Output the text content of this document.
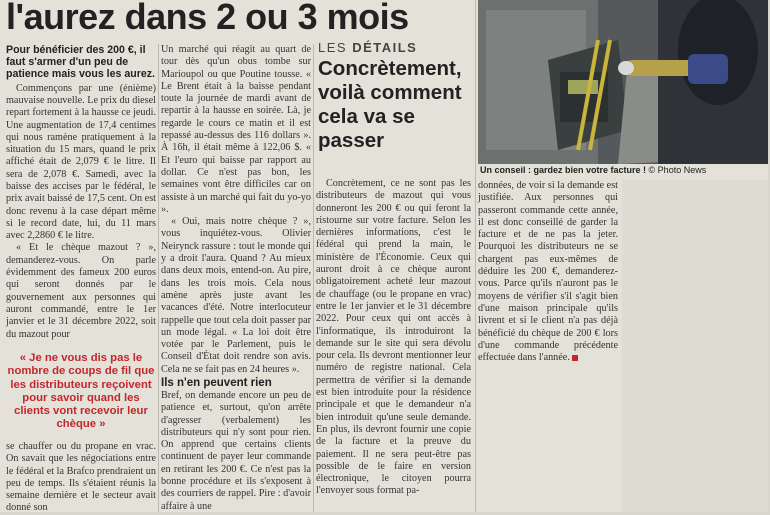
l'aurez dans 2 ou 3 mois
Pour bénéficier des 200 €, il faut s'armer d'un peu de patience mais vous les aurez.

Commençons par une (énième) mauvaise nouvelle. Le prix du diesel repart fortement à la hausse ce jeudi. Une augmentation de 17,4 centimes qui nous ramène pratiquement à la situation du 15 mars, quand le prix affiché était de 2,079 € le litre. Il sera de 2,078 €. Samedi, avec la baisse des accises par le fédéral, le prix avait baissé de 17,5 cent. On est donc revenu à la case départ même si le record date, lui, du 11 mars avec 2,2860 € le litre.

« Et le chèque mazout ? », demanderez-vous. On parle évidemment des fameux 200 euros qui seront donnés par le gouvernement aux personnes qui auront commandé, entre le 1er janvier et le 31 décembre 2022, soit du mazout pour

« Je ne vous dis pas le nombre de coups de fil que les distributeurs reçoivent pour savoir quand les clients vont recevoir leur chèque »

se chauffer ou du propane en vrac. On savait que les négociations entre le fédéral et la Brafco prendraient un peu de temps. Ils s'étaient réunis la semaine dernière et le secteur avait donné son

Un marché qui réagit au quart de tour dès qu'un obus tombe sur Marioupol ou que Poutine tousse. « Le Brent était à la baisse pendant toute la journée de mardi avant de repartir à la hausse en soirée. Là, je regarde le cours ce matin et il est repassé au-dessus des 116 dollars ». À 16h, il était même à 122,06 $. « Et l'euro qui baisse par rapport au dollar. Ce n'est pas bon, les semaines vont être difficiles car on assiste à un marché qui fait du yo-yo ».

« Oui, mais notre chèque ? », vous inquiétez-vous. Olivier Neirynck rassure : tout le monde qui y a droit l'aura. Quand ? Au mieux dans deux mois, entend-on. Au pire, dans les trois mois. Cela nous amène après juste avant les vacances d'été. Notre interlocuteur rappelle que tout cela doit passer par un mode légal. « La loi doit être votée par le Parlement, puis le Conseil d'État doit rendre son avis. Cela ne se fait pas en 24 heures ».

Ils n'en peuvent rien

Bref, on demande encore un peu de patience et, surtout, qu'on arrête d'agresser (verbalement) les distributeurs qui n'y sont pour rien. On apprend que certains clients continuent de payer leur commande en retirant les 200 €. Ce n'est pas la bonne procédure et ils s'exposent à des courriers de rappel. Pire : d'avoir affaire à une

LES DÉTAILS
Concrètement, voilà comment cela va se passer

Concrètement, ce ne sont pas les distributeurs de mazout qui vous donneront les 200 € ou qui feront la ristourne sur votre facture. Selon les dernières informations, c'est le fédéral qui prend la main, le ministère de l'Économie. Ceux qui auront droit à ce chèque auront obligatoirement acheté leur mazout de chauffage (ou le propane en vrac) entre le 1er janvier et le 31 décembre 2022. Pour ceux qui ont accès à l'informatique, ils introduiront la demande sur le site qui sera dévolu pour cela. Ils devront mentionner leur numéro de registre national. Cela permettra de vérifier si la demande est bien introduite pour la résidence principale et que le demandeur n'a bien introduit qu'une seule demande. En plus, ils devront fournir une copie de la facture et la preuve du paiement. Il ne sera peut-être pas possible de le faire en version électronique, le citoyen pourra l'envoyer sous format pa-

Un conseil : gardez bien votre facture ! © Photo News

données, de voir si la demande est justifiée. Aux personnes qui passeront commande cette année, il est donc conseillé de garder la facture et de ne pas la jeter. Pourquoi les distributeurs ne se chargent pas eux-mêmes de déduire les 200 €, demanderez-vous. Parce qu'ils n'auront pas le moyens de vérifier s'il s'agit bien d'une maison principale qu'ils livrent et si le client n'a pas déjà bénéficié du chèque de 200 € lors d'une commande précédente effectuée dans l'année.
